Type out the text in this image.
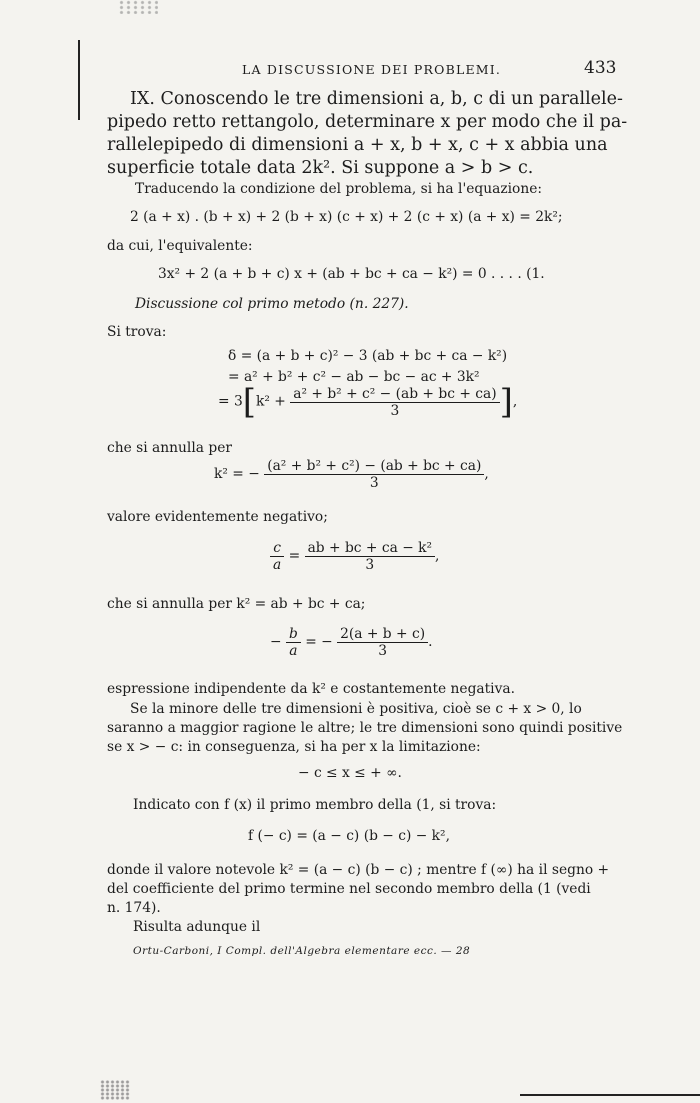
LA DISCUSSIONE DEI PROBLEMI.	433
IX. Conoscendo le tre dimensioni a, b, c di un parallele-
pipedo retto rettangolo, determinare x per modo che il pa-
rallelepipedo di dimensioni a + x, b + x, c + x abbia una
superficie totale data 2k². Si suppone a > b > c.
Traducendo la condizione del problema, si ha l'equazione:
2 (a + x) . (b + x) + 2 (b + x) (c + x) + 2 (c + x) (a + x) = 2k²;
da cui, l'equivalente:
3x² + 2 (a + b + c) x + (ab + bc + ca − k²) = 0 . . . . (1.
Discussione col primo metodo (n. 227).
Si trova:
δ = (a + b + c)² − 3 (ab + bc + ca − k²)
= a² + b² + c² − ab − bc − ac + 3k²
= $3[k^2 + \frac{\text{a² + b² + c² − (ab + bc + ca)}}{3}$ ],
che si annulla per
k² = − $\frac{\text{(a² + b² + c²) − (ab + bc + ca)}}{3}$ ,
valore evidentemente negativo;
$\frac{c}{a} = \frac{\text{ab + bc + ca − k²}}{3}$ ,
che si annulla per k² = ab + bc + ca;
− $\frac{b}{a}$ = − $\frac{2(a + b + c)}{3}$ .
espressione indipendente da k² e costantemente negativa.
Se la minore delle tre dimensioni è positiva, cioè se c + x > 0, lo
saranno a maggior ragione le altre; le tre dimensioni sono quindi positive
se x > − c: in conseguenza, si ha per x la limitazione:
− c ≤ x ≤ + ∞.
Indicato con f (x) il primo membro della (1, si trova:
f (− c) = (a − c) (b − c) − k²,
donde il valore notevole k² = (a − c) (b − c) ; mentre f (∞) ha il segno +
del coefficiente del primo termine nel secondo membro della (1 (vedi
n. 174).
Risulta adunque il
Ortu-Carboni, I Compl. dell'Algebra elementare ecc. — 28
